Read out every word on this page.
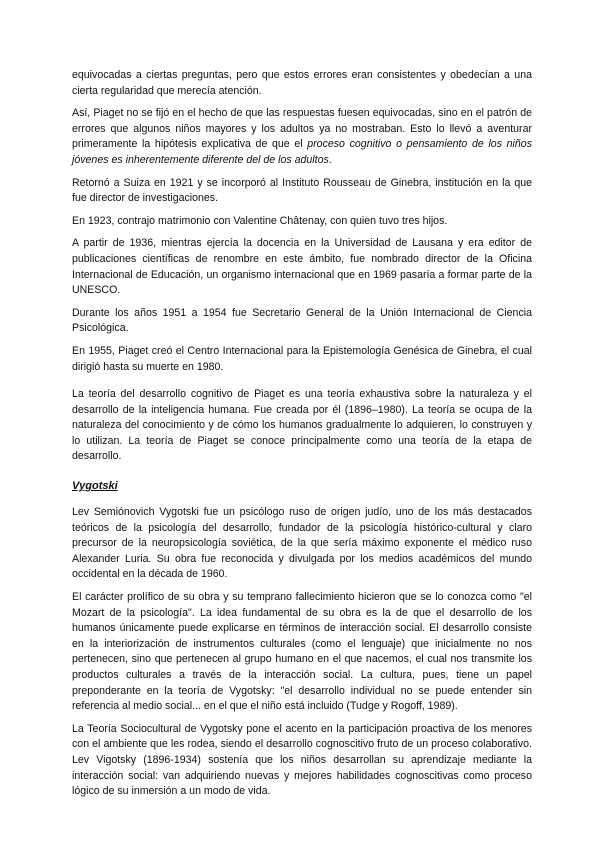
equivocadas a ciertas preguntas, pero que estos errores eran consistentes y obedecían a una cierta regularidad que merecía atención.

Así, Piaget no se fijó en el hecho de que las respuestas fuesen equivocadas, sino en el patrón de errores que algunos niños mayores y los adultos ya no mostraban. Esto lo llevó a aventurar primeramente la hipótesis explicativa de que el proceso cognitivo o pensamiento de los niños jóvenes es inherentemente diferente del de los adultos.

Retornó a Suiza en 1921 y se incorporó al Instituto Rousseau de Ginebra, institución en la que fue director de investigaciones.

En 1923, contrajo matrimonio con Valentine Châtenay, con quien tuvo tres hijos.

A partir de 1936, mientras ejercía la docencia en la Universidad de Lausana y era editor de publicaciones científicas de renombre en este ámbito, fue nombrado director de la Oficina Internacional de Educación, un organismo internacional que en 1969 pasaría a formar parte de la UNESCO.

Durante los años 1951 a 1954 fue Secretario General de la Unión Internacional de Ciencia Psicológica.

En 1955, Piaget creó el Centro Internacional para la Epistemología Genésica de Ginebra, el cual dirigió hasta su muerte en 1980.

La teoría del desarrollo cognitivo de Piaget es una teoría exhaustiva sobre la naturaleza y el desarrollo de la inteligencia humana. Fue creada por él (1896–1980). La teoría se ocupa de la naturaleza del conocimiento y de cómo los humanos gradualmente lo adquieren, lo construyen y lo utilizan. La teoría de Piaget se conoce principalmente como una teoría de la etapa de desarrollo.

Vygotski

Lev Semiónovich Vygotski fue un psicólogo ruso de origen judío, uno de los más destacados teóricos de la psicología del desarrollo, fundador de la psicología histórico-cultural y claro precursor de la neuropsicología soviética, de la que sería máximo exponente el médico ruso Alexander Luria. Su obra fue reconocida y divulgada por los medios académicos del mundo occidental en la década de 1960.

El carácter prolífico de su obra y su temprano fallecimiento hicieron que se lo conozca como "el Mozart de la psicología". La idea fundamental de su obra es la de que el desarrollo de los humanos únicamente puede explicarse en términos de interacción social. El desarrollo consiste en la interiorización de instrumentos culturales (como el lenguaje) que inicialmente no nos pertenecen, sino que pertenecen al grupo humano en el que nacemos, el cual nos transmite los productos culturales a través de la interacción social. La cultura, pues, tiene un papel preponderante en la teoría de Vygotsky: "el desarrollo individual no se puede entender sin referencia al medio social... en el que el niño está incluido (Tudge y Rogoff, 1989).

La Teoría Sociocultural de Vygotsky pone el acento en la participación proactiva de los menores con el ambiente que les rodea, siendo el desarrollo cognoscitivo fruto de un proceso colaborativo. Lev Vigotsky (1896-1934) sostenía que los niños desarrollan su aprendizaje mediante la interacción social: van adquiriendo nuevas y mejores habilidades cognoscitivas como proceso lógico de su inmersión a un modo de vida.
